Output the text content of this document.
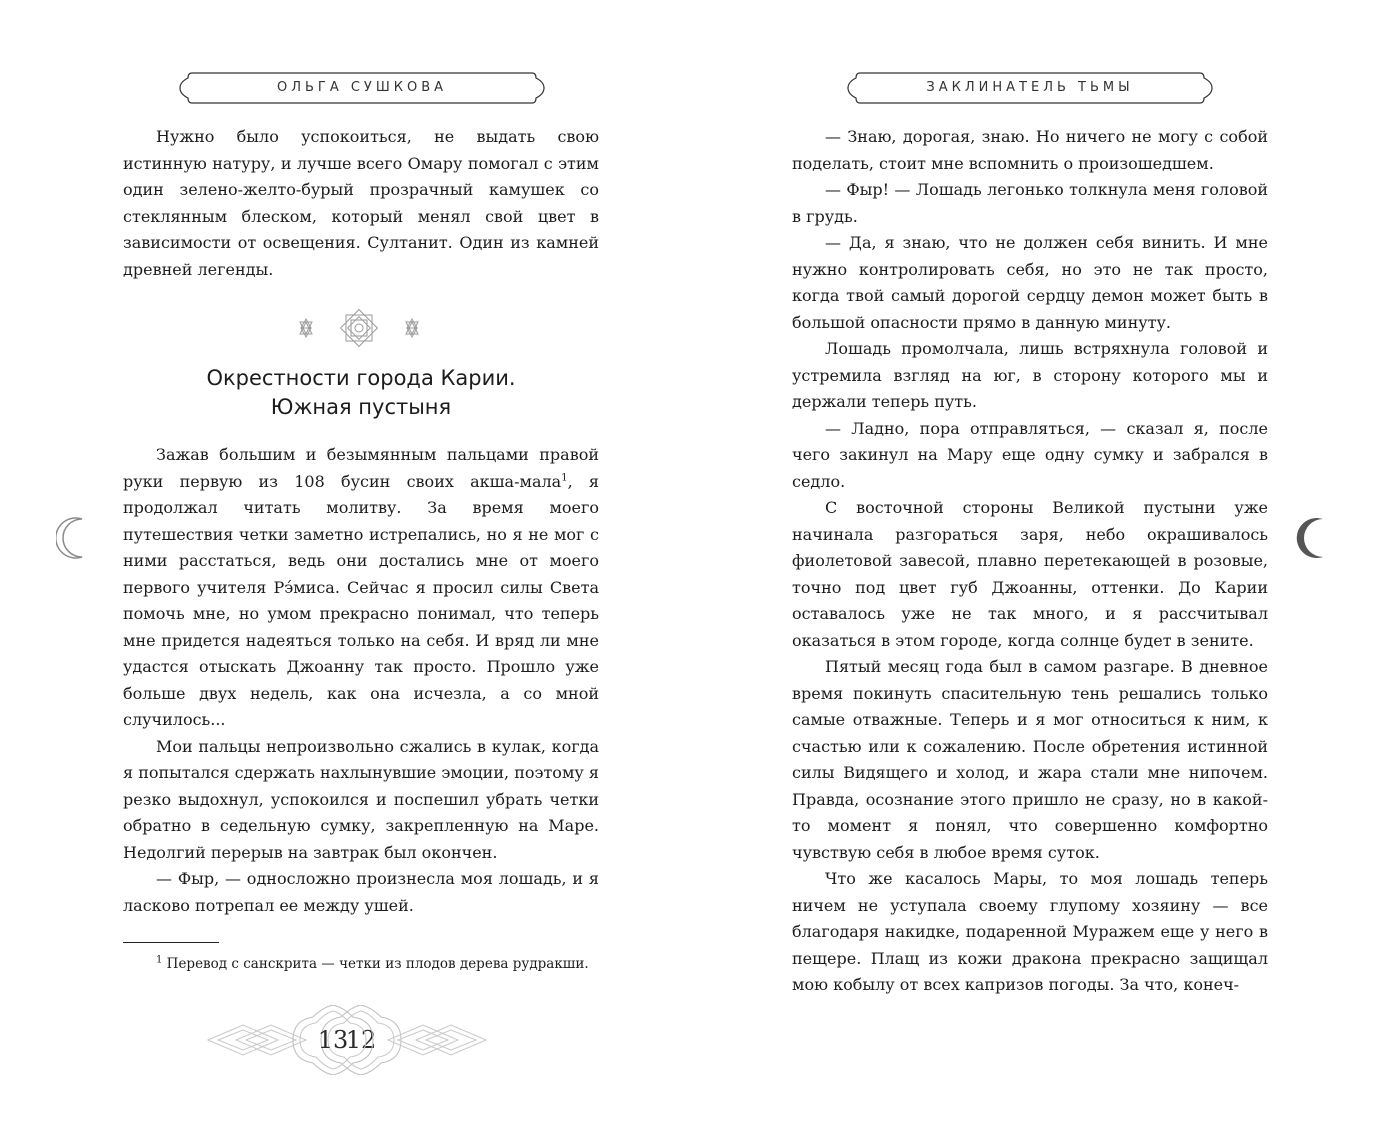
ОЛЬГА СУШКОВА

Нужно было успокоиться, не выдать свою истинную натуру, и лучше всего Омару помогал с этим один зелено-желто-бурый прозрачный камушек со стеклянным блеском, который менял свой цвет в зависимости от освещения. Султанит. Один из камней древней легенды.

Окрестности города Карии.
Южная пустыня

Зажав большим и безымянным пальцами правой руки первую из 108 бусин своих акша-мала$^1$, я продолжал читать молитву. За время моего путешествия четки заметно истрепались, но я не мог с ними расстаться, ведь они достались мне от моего первого учителя Рэ́миса. Сейчас я просил силы Света помочь мне, но умом прекрасно понимал, что теперь мне придется надеяться только на себя. И вряд ли мне удастся отыскать Джоанну так просто. Прошло уже больше двух недель, как она исчезла, а со мной случилось...

Мои пальцы непроизвольно сжались в кулак, когда я попытался сдержать нахлынувшие эмоции, поэтому я резко выдохнул, успокоился и поспешил убрать четки обратно в седельную сумку, закрепленную на Маре. Недолгий перерыв на завтрак был окончен.

— Фыр, — односложно произнесла моя лошадь, и я ласково потрепал ее между ушей.

$^1$ Перевод с санскрита — четки из плодов дерева рудракши.
12
ЗАКЛИНАТЕЛЬ ТЬМЫ

— Знаю, дорогая, знаю. Но ничего не могу с собой поделать, стоит мне вспомнить о произошедшем.

— Фыр! — Лошадь легонько толкнула меня головой в грудь.

— Да, я знаю, что не должен себя винить. И мне нужно контролировать себя, но это не так просто, когда твой самый дорогой сердцу демон может быть в большой опасности прямо в данную минуту.

Лошадь промолчала, лишь встряхнула головой и устремила взгляд на юг, в сторону которого мы и держали теперь путь.

— Ладно, пора отправляться, — сказал я, после чего закинул на Мару еще одну сумку и забрался в седло.

С восточной стороны Великой пустыни уже начинала разгораться заря, небо окрашивалось фиолетовой завесой, плавно перетекающей в розовые, точно под цвет губ Джоанны, оттенки. До Карии оставалось уже не так много, и я рассчитывал оказаться в этом городе, когда солнце будет в зените.

Пятый месяц года был в самом разгаре. В дневное время покинуть спасительную тень решались только самые отважные. Теперь и я мог относиться к ним, к счастью или к сожалению. После обретения истинной силы Видящего и холод, и жара стали мне нипочем. Правда, осознание этого пришло не сразу, но в какой-то момент я понял, что совершенно комфортно чувствую себя в любое время суток.

Что же касалось Мары, то моя лошадь теперь ничем не уступала своему глупому хозяину — все благодаря накидке, подаренной Муражем еще у него в пещере. Плащ из кожи дракона прекрасно защищал мою кобылу от всех капризов погоды. За что, конеч-

13
